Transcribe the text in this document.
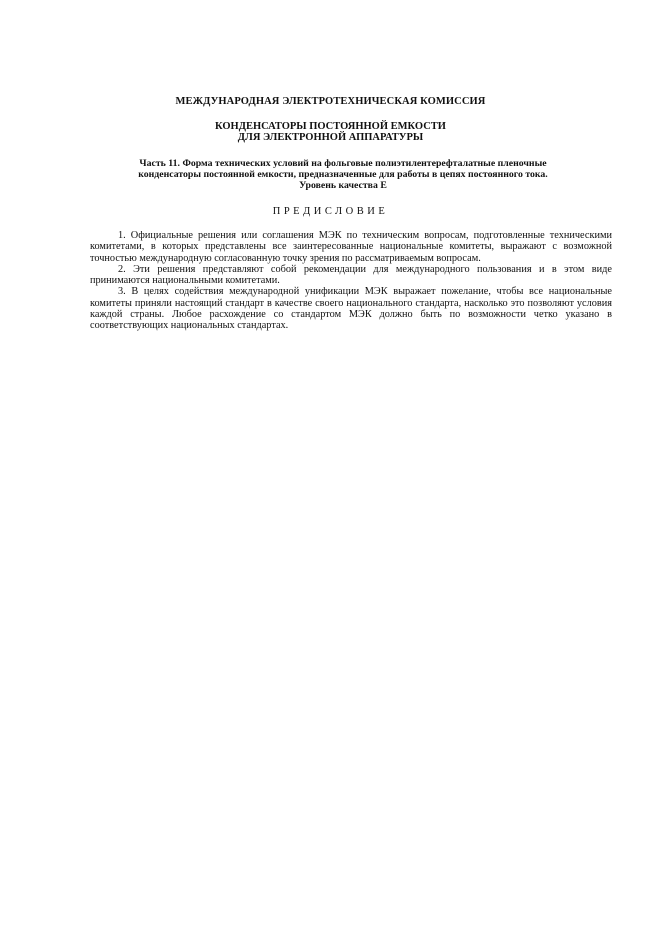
МЕЖДУНАРОДНАЯ ЭЛЕКТРОТЕХНИЧЕСКАЯ КОМИССИЯ
КОНДЕНСАТОРЫ ПОСТОЯННОЙ ЕМКОСТИ
ДЛЯ ЭЛЕКТРОННОЙ АППАРАТУРЫ
Часть 11. Форма технических условий на фольговые полиэтилентерефталатные пленочные
конденсаторы постоянной емкости, предназначенные для работы в цепях постоянного тока.
Уровень качества Е
ПРЕДИСЛОВИЕ

1. Официальные решения или соглашения МЭК по техническим вопросам, подготовленные техническими комитетами, в которых представлены все заинтересованные национальные комитеты, выражают с возможной точностью международную согласованную точку зрения по рассматриваемым вопросам.

2. Эти решения представляют собой рекомендации для международного пользования и в этом виде принимаются национальными комитетами.

3. В целях содействия международной унификации МЭК выражает пожелание, чтобы все национальные комитеты приняли настоящий стандарт в качестве своего национального стандарта, насколько это позволяют условия каждой страны. Любое расхождение со стандартом МЭК должно быть по возможности четко указано в соответствующих национальных стандартах.
